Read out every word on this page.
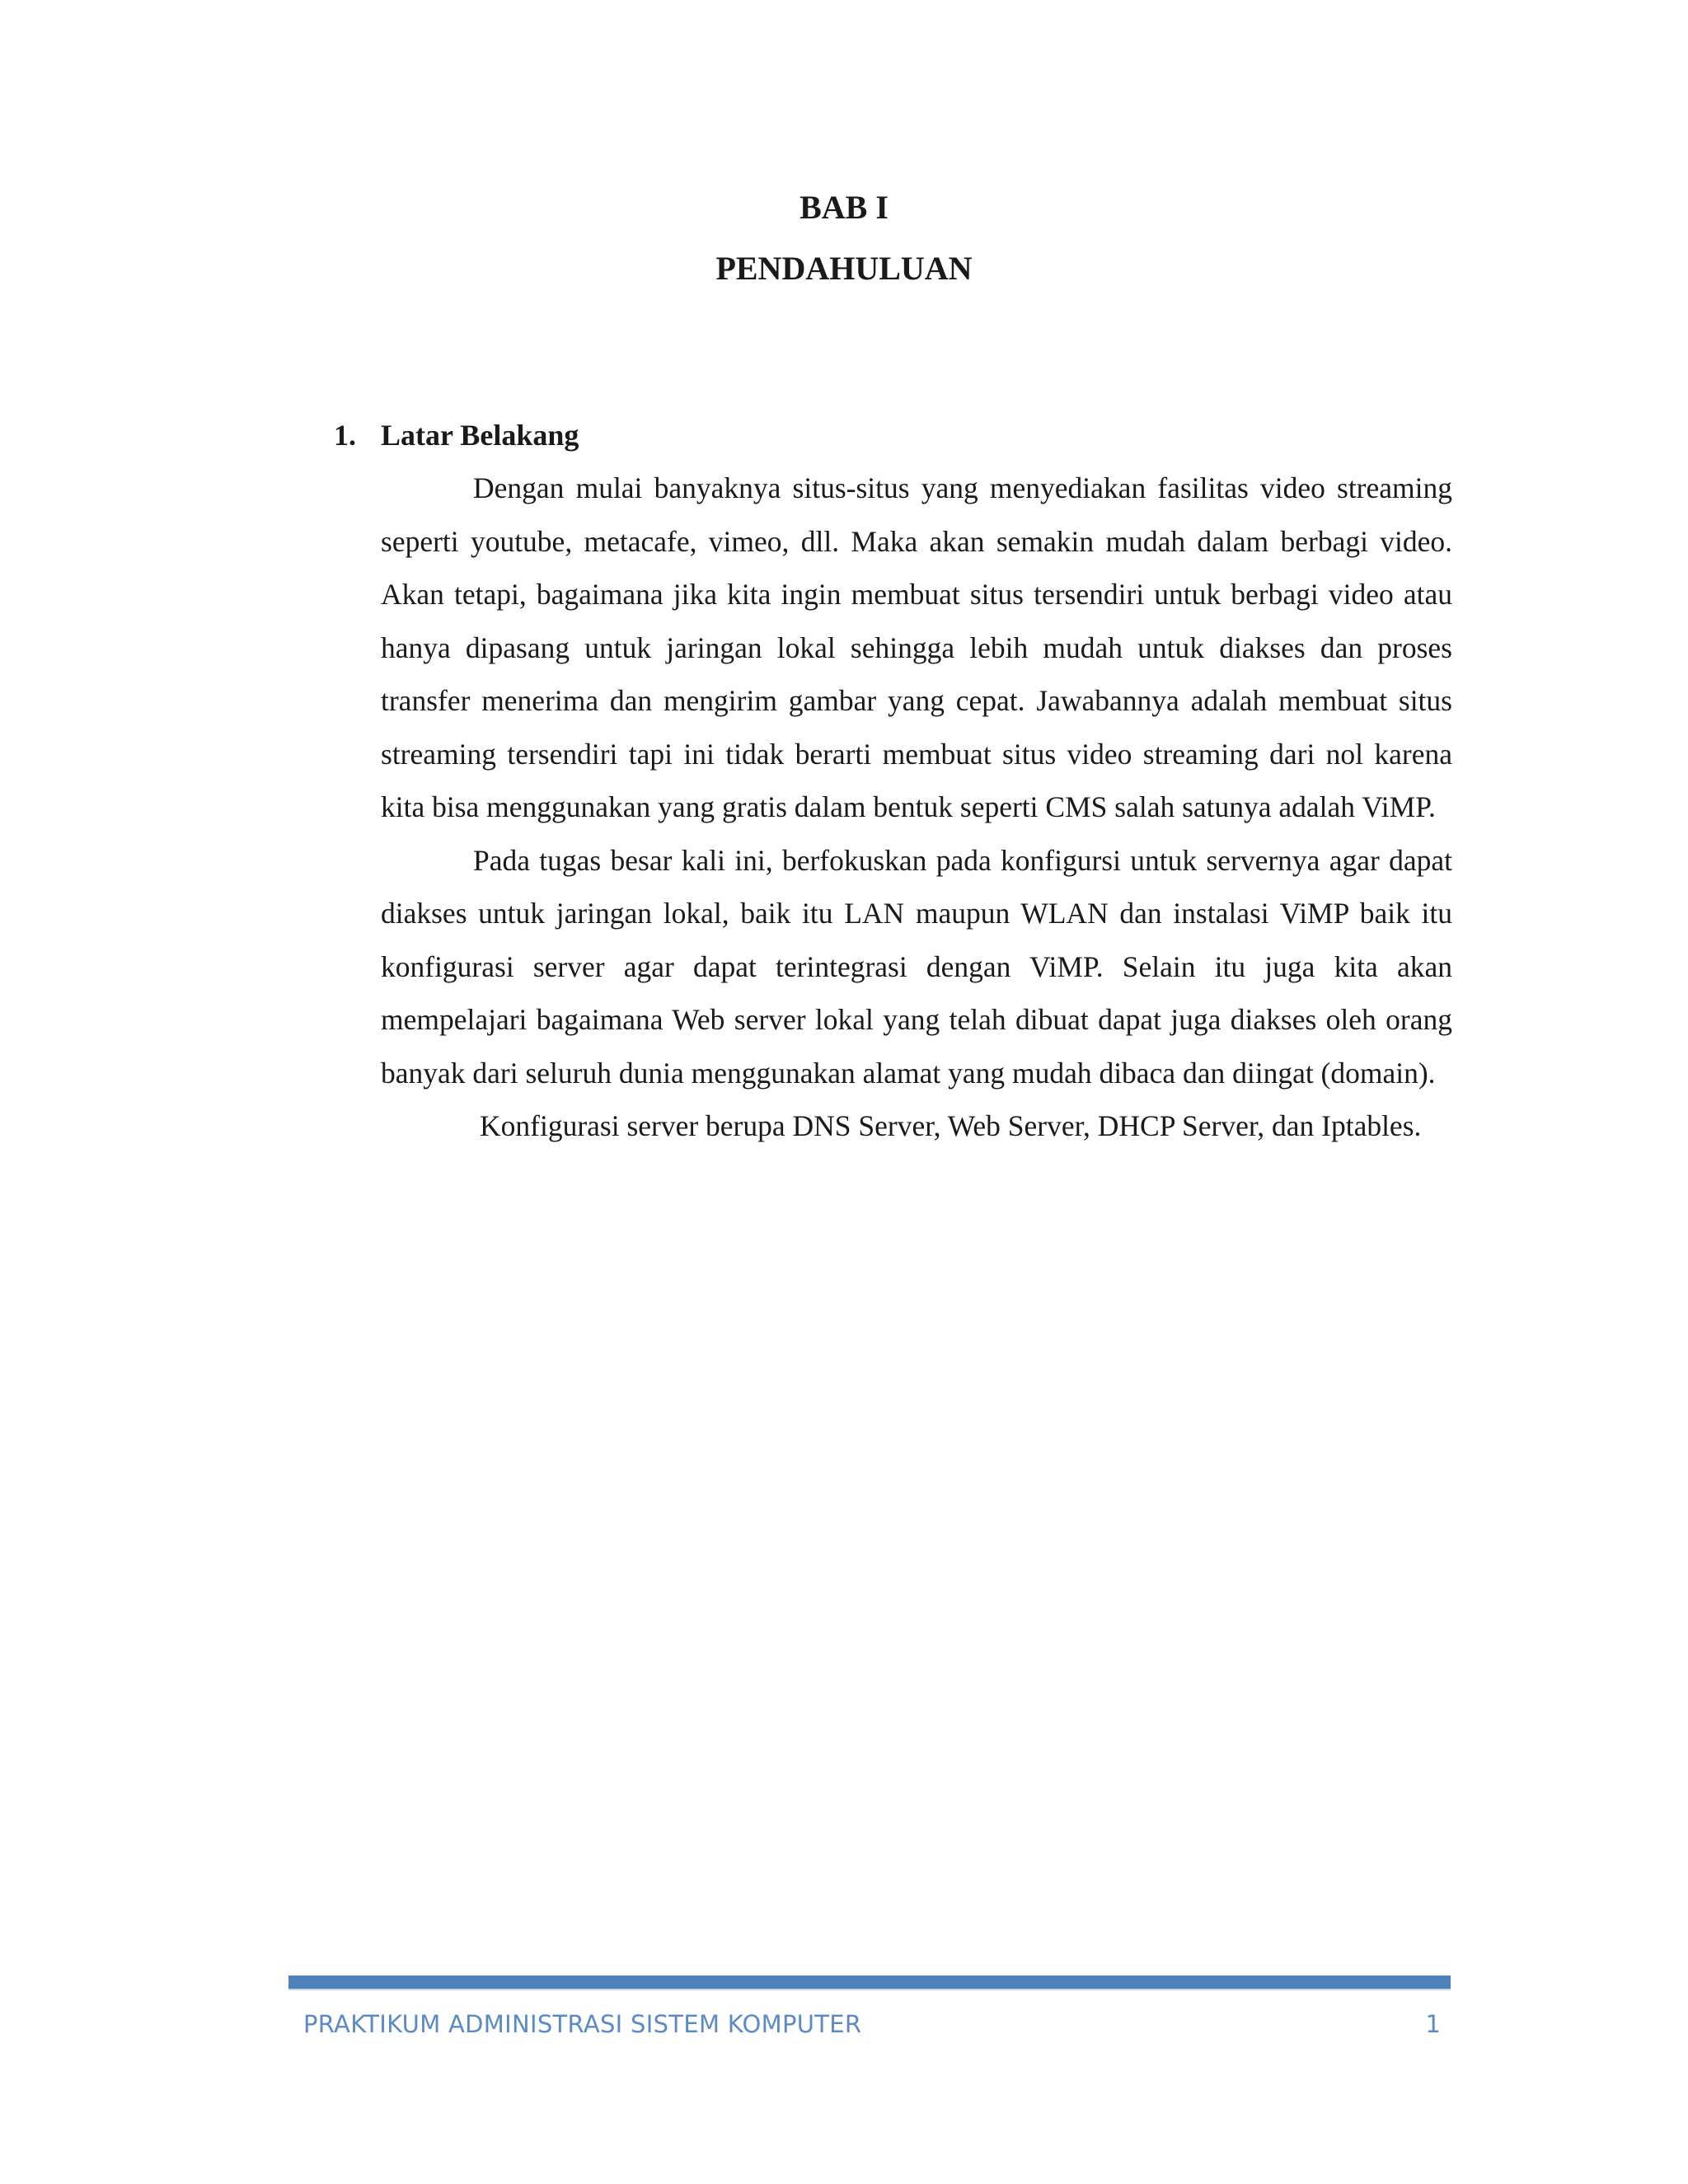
BAB I
PENDAHULUAN
1. Latar Belakang

Dengan mulai banyaknya situs-situs yang menyediakan fasilitas video streaming seperti youtube, metacafe, vimeo, dll. Maka akan semakin mudah dalam berbagi video. Akan tetapi, bagaimana jika kita ingin membuat situs tersendiri untuk berbagi video atau hanya dipasang untuk jaringan lokal sehingga lebih mudah untuk diakses dan proses transfer menerima dan mengirim gambar yang cepat. Jawabannya adalah membuat situs streaming tersendiri tapi ini tidak berarti membuat situs video streaming dari nol karena kita bisa menggunakan yang gratis dalam bentuk seperti CMS salah satunya adalah ViMP.

Pada tugas besar kali ini, berfokuskan pada konfigursi untuk servernya agar dapat diakses untuk jaringan lokal, baik itu LAN maupun WLAN dan instalasi ViMP baik itu konfigurasi server agar dapat terintegrasi dengan ViMP. Selain itu juga kita akan mempelajari bagaimana Web server lokal yang telah dibuat dapat juga diakses oleh orang banyak dari seluruh dunia menggunakan alamat yang mudah dibaca dan diingat (domain).

Konfigurasi server berupa DNS Server, Web Server, DHCP Server, dan Iptables.

PRAKTIKUM ADMINISTRASI SISTEM KOMPUTER	1
